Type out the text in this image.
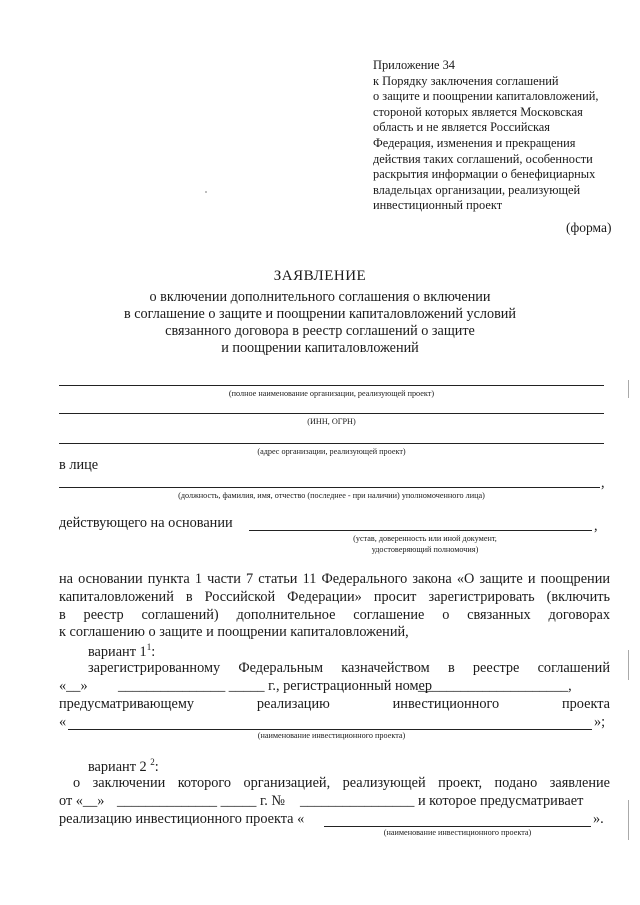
Приложение 34
к Порядку заключения соглашений
о защите и поощрении капиталовложений,
стороной которых является Московская
область и не является Российская
Федерация, изменения и прекращения
действия таких соглашений, особенности
раскрытия информации о бенефициарных
владельцах организации, реализующей
инвестиционный проект
(форма)
ЗАЯВЛЕНИЕ
о включении дополнительного соглашения о включении
в соглашение о защите и поощрении капиталовложений условий
связанного договора в реестр соглашений о защите
и поощрении капиталовложений
(полное наименование организации, реализующей проект)
(ИНН, ОГРН)
(адрес организации, реализующей проект)
в лице
,
(должность, фамилия, имя, отчество (последнее - при наличии) уполномоченного лица)
действующего на основании	,
(устав, доверенность или иной документ,
удостоверяющий полномочия)
на основании пункта 1 части 7 статьи 11 Федерального закона «О защите и поощрении
капиталовложений в Российской Федерации» просит зарегистрировать (включить
в реестр соглашений) дополнительное соглашение о связанных договорах
к соглашению о защите и поощрении капиталовложений,
вариант $1^1$:
зарегистрированному Федеральным казначейством в реестре соглашений
«__» _______________ _____ г., регистрационный номер
_____________________,
предусматривающему реализацию инвестиционного проекта
«	»;
(наименование инвестиционного проекта)
вариант 2 $^2$:
о заключении которого организацией, реализующей проект, подано заявление
от «__» ______________ _____ г. № ________________ и которое предусматривает
реализацию инвестиционного проекта «	».
(наименование инвестиционного проекта)
